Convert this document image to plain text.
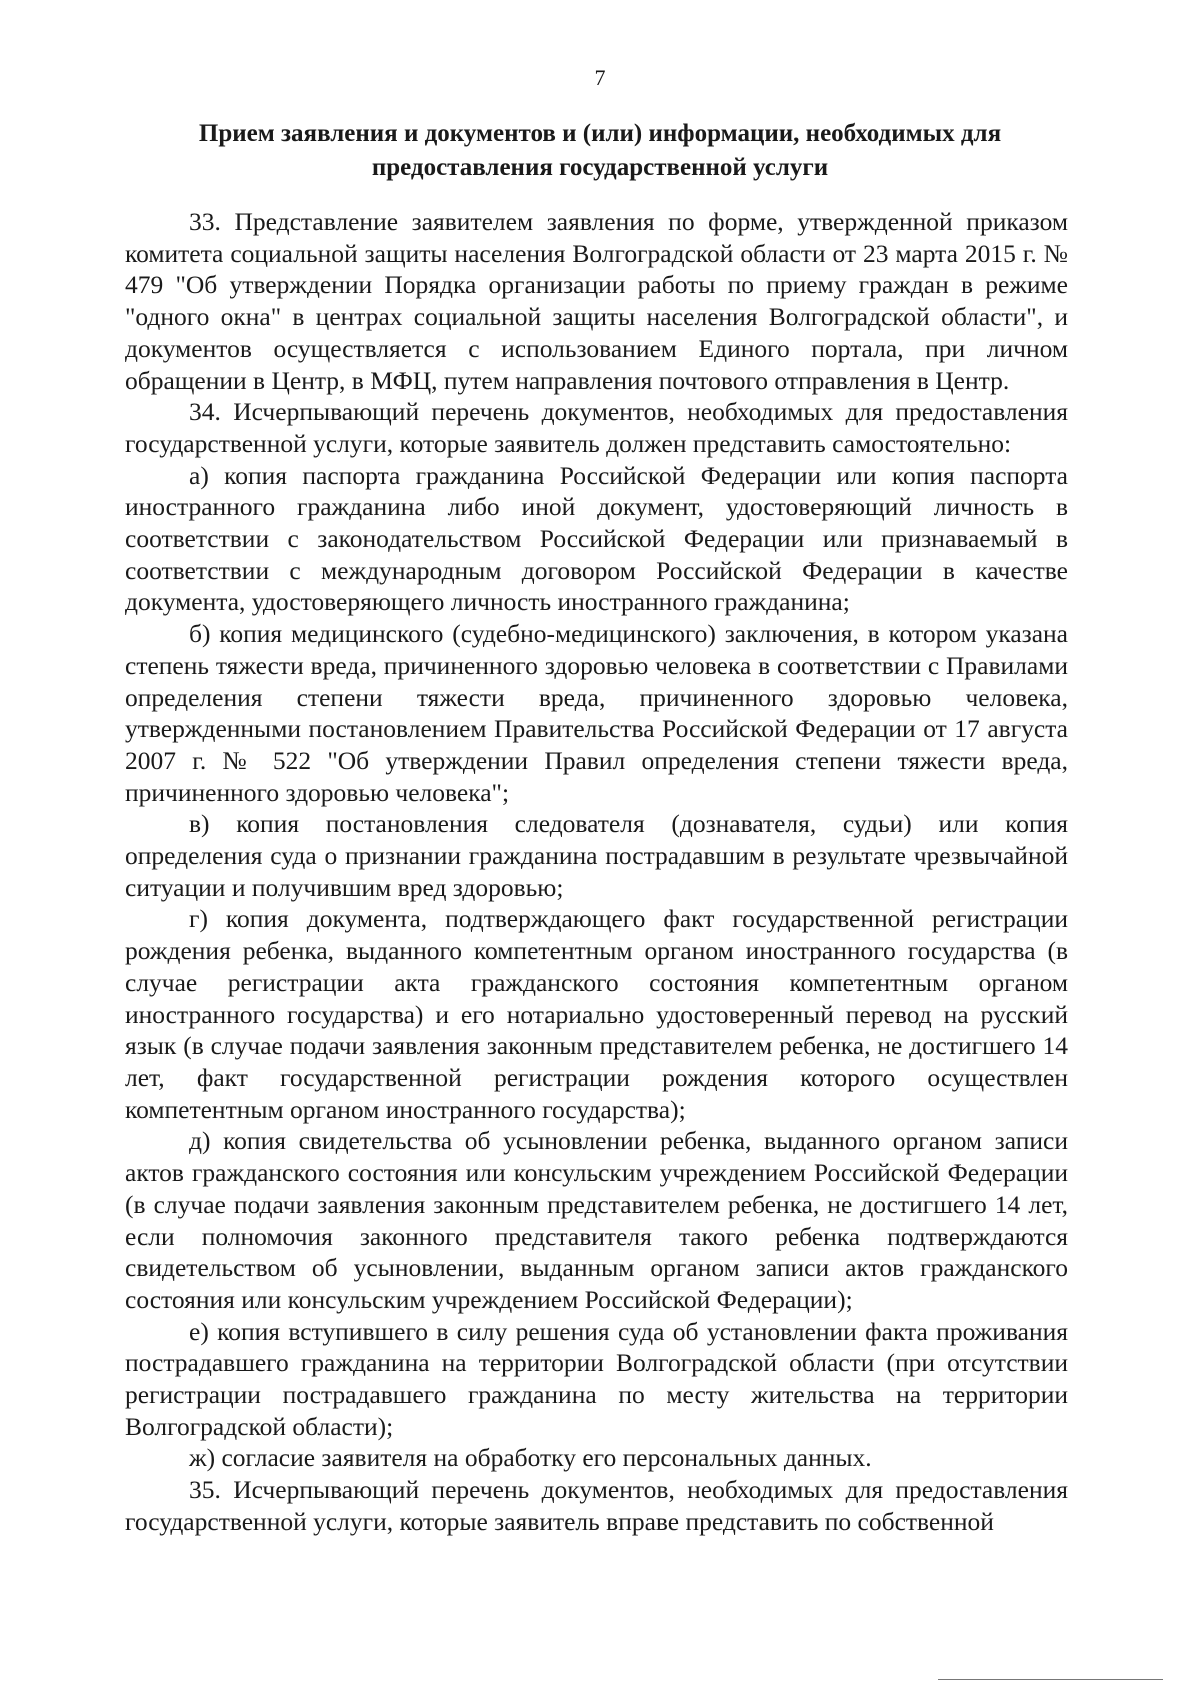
7
Прием заявления и документов и (или) информации, необходимых для предоставления государственной услуги

33. Представление заявителем заявления по форме, утвержденной приказом комитета социальной защиты населения Волгоградской области от 23 марта 2015 г. № 479 "Об утверждении Порядка организации работы по приему граждан в режиме "одного окна" в центрах социальной защиты населения Волгоградской области", и документов осуществляется с использованием Единого портала, при личном обращении в Центр, в МФЦ, путем направления почтового отправления в Центр.

34. Исчерпывающий перечень документов, необходимых для предоставления государственной услуги, которые заявитель должен представить самостоятельно:

а) копия паспорта гражданина Российской Федерации или копия паспорта иностранного гражданина либо иной документ, удостоверяющий личность в соответствии с законодательством Российской Федерации или признаваемый в соответствии с международным договором Российской Федерации в качестве документа, удостоверяющего личность иностранного гражданина;

б) копия медицинского (судебно-медицинского) заключения, в котором указана степень тяжести вреда, причиненного здоровью человека в соответствии с Правилами определения степени тяжести вреда, причиненного здоровью человека, утвержденными постановлением Правительства Российской Федерации от 17 августа 2007 г. № 522 "Об утверждении Правил определения степени тяжести вреда, причиненного здоровью человека";

в) копия постановления следователя (дознавателя, судьи) или копия определения суда о признании гражданина пострадавшим в результате чрезвычайной ситуации и получившим вред здоровью;

г) копия документа, подтверждающего факт государственной регистрации рождения ребенка, выданного компетентным органом иностранного государства (в случае регистрации акта гражданского состояния компетентным органом иностранного государства) и его нотариально удостоверенный перевод на русский язык (в случае подачи заявления законным представителем ребенка, не достигшего 14 лет, факт государственной регистрации рождения которого осуществлен компетентным органом иностранного государства);

д) копия свидетельства об усыновлении ребенка, выданного органом записи актов гражданского состояния или консульским учреждением Российской Федерации (в случае подачи заявления законным представителем ребенка, не достигшего 14 лет, если полномочия законного представителя такого ребенка подтверждаются свидетельством об усыновлении, выданным органом записи актов гражданского состояния или консульским учреждением Российской Федерации);

е) копия вступившего в силу решения суда об установлении факта проживания пострадавшего гражданина на территории Волгоградской области (при отсутствии регистрации пострадавшего гражданина по месту жительства на территории Волгоградской области);

ж) согласие заявителя на обработку его персональных данных.

35. Исчерпывающий перечень документов, необходимых для предоставления государственной услуги, которые заявитель вправе представить по собственной
